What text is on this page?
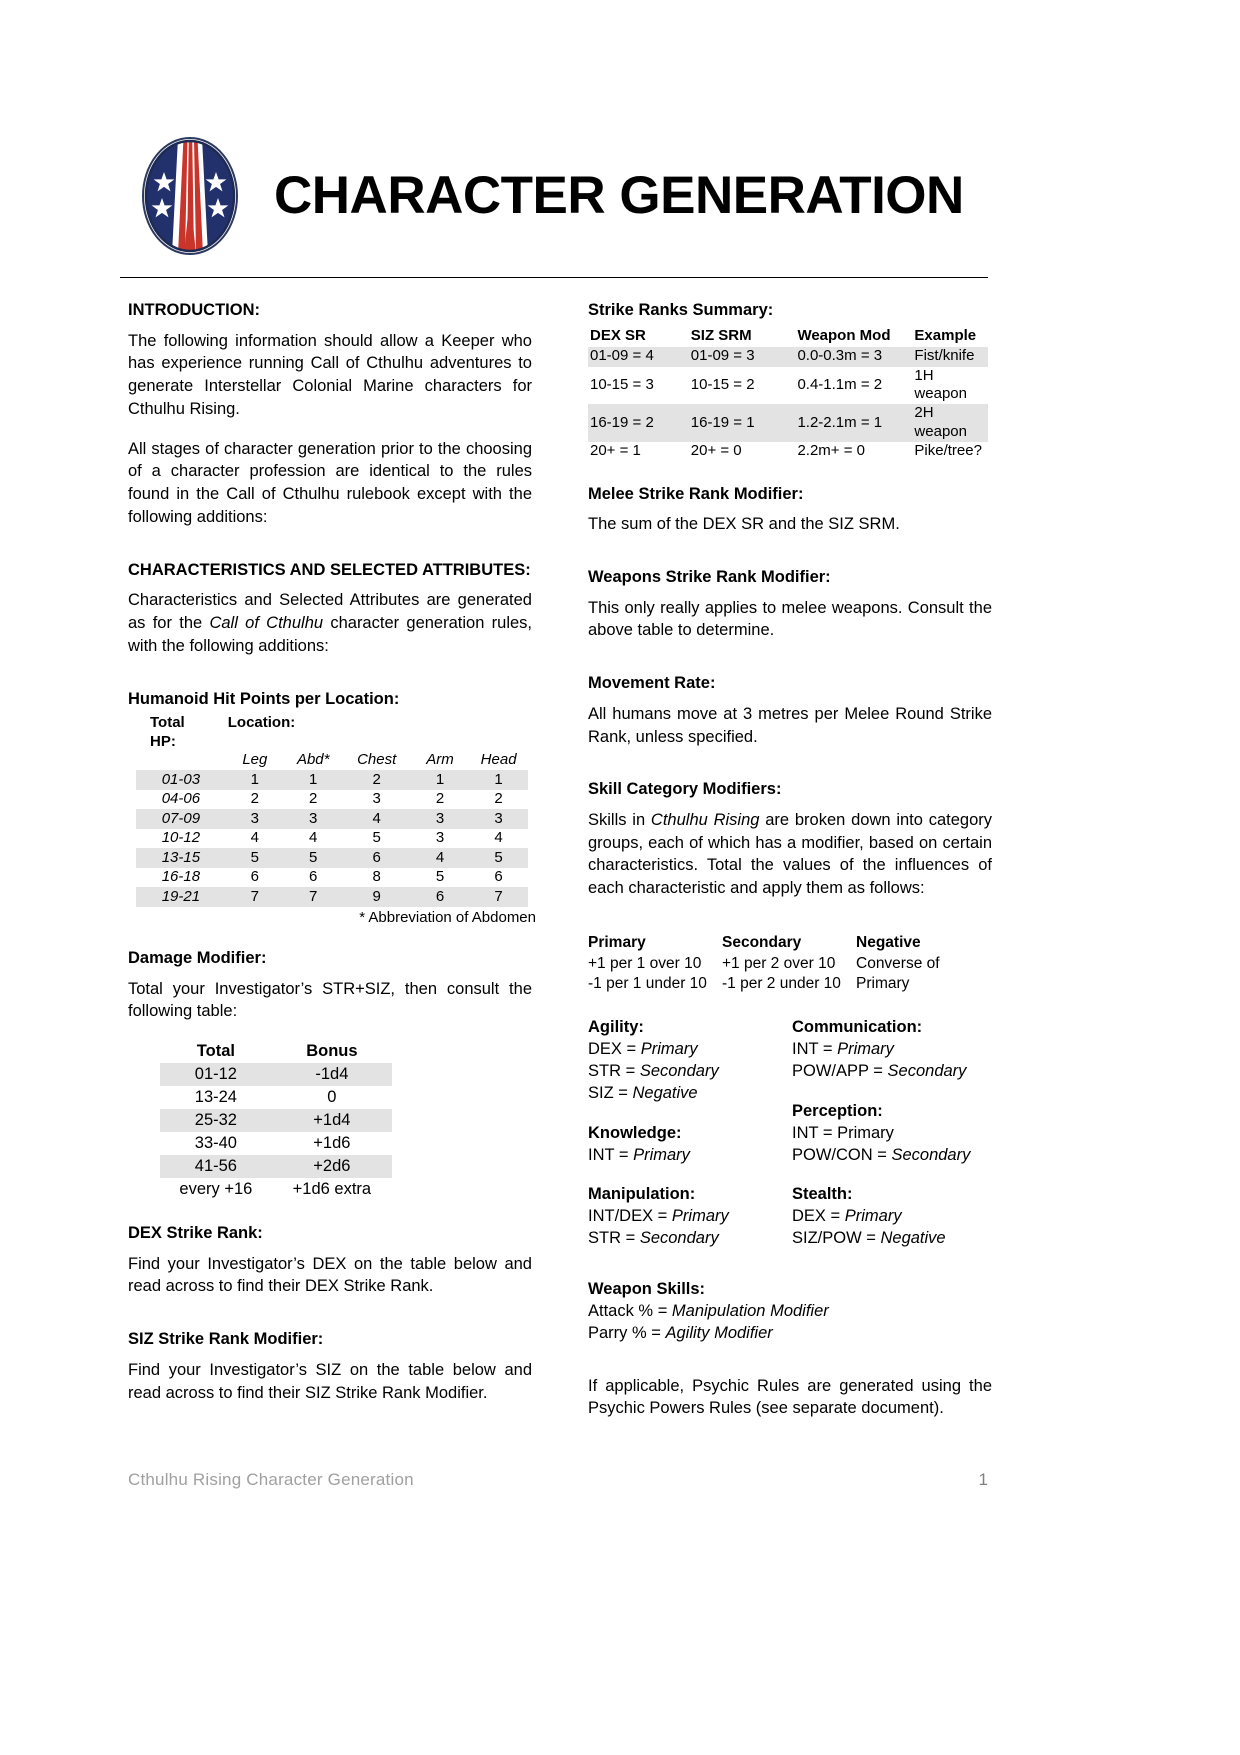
CHARACTER GENERATION
INTRODUCTION:

The following information should allow a Keeper who has experience running Call of Cthulhu adventures to generate Interstellar Colonial Marine characters for Cthulhu Rising.

All stages of character generation prior to the choosing of a character profession are identical to the rules found in the Call of Cthulhu rulebook except with the following additions:

CHARACTERISTICS AND SELECTED ATTRIBUTES:

Characteristics and Selected Attributes are generated as for the Call of Cthulhu character generation rules, with the following additions:

Humanoid Hit Points per Location:
Total
HP:	Location:				
	Leg	Abd*	Chest	Arm	Head
01-03	1	1	2	1	1
04-06	2	2	3	2	2
07-09	3	3	4	3	3
10-12	4	4	5	3	4
13-15	5	5	6	4	5
16-18	6	6	8	5	6
19-21	7	7	9	6	7
* Abbreviation of Abdomen
Damage Modifier:

Total your Investigator’s STR+SIZ, then consult the following table:

Total	Bonus
01-12	-1d4
13-24	0
25-32	+1d4
33-40	+1d6
41-56	+2d6
every +16	+1d6 extra
DEX Strike Rank:

Find your Investigator’s DEX on the table below and read across to find their DEX Strike Rank.

SIZ Strike Rank Modifier:

Find your Investigator’s SIZ on the table below and read across to find their SIZ Strike Rank Modifier.

Strike Ranks Summary:
DEX SR	SIZ SRM	Weapon Mod	Example
01-09 = 4	01-09 = 3	0.0-0.3m = 3	Fist/knife
10-15 = 3	10-15 = 2	0.4-1.1m = 2	1H weapon
16-19 = 2	16-19 = 1	1.2-2.1m = 1	2H weapon
20+ = 1	20+ = 0	2.2m+ = 0	Pike/tree?
Melee Strike Rank Modifier:

The sum of the DEX SR and the SIZ SRM.

Weapons Strike Rank Modifier:

This only really applies to melee weapons. Consult the above table to determine.

Movement Rate:

All humans move at 3 metres per Melee Round Strike Rank, unless specified.

Skill Category Modifiers:

Skills in Cthulhu Rising are broken down into category groups, each of which has a modifier, based on certain characteristics. Total the values of the influences of each characteristic and apply them as follows:

Primary
+1 per 1 over 10
-1 per 1 under 10
Secondary
+1 per 2 over 10
-1 per 2 under 10
Negative
Converse of
Primary
Agility:
DEX = Primary
STR = Secondary
SIZ = Negative
Knowledge:
INT = Primary
Manipulation:
INT/DEX = Primary
STR = Secondary
Communication:
INT = Primary
POW/APP = Secondary
Perception:
INT = Primary
POW/CON = Secondary
Stealth:
DEX = Primary
SIZ/POW = Negative
Weapon Skills:
Attack % = Manipulation Modifier
Parry % = Agility Modifier

If applicable, Psychic Rules are generated using the Psychic Powers Rules (see separate document).

Cthulhu Rising Character Generation	1
